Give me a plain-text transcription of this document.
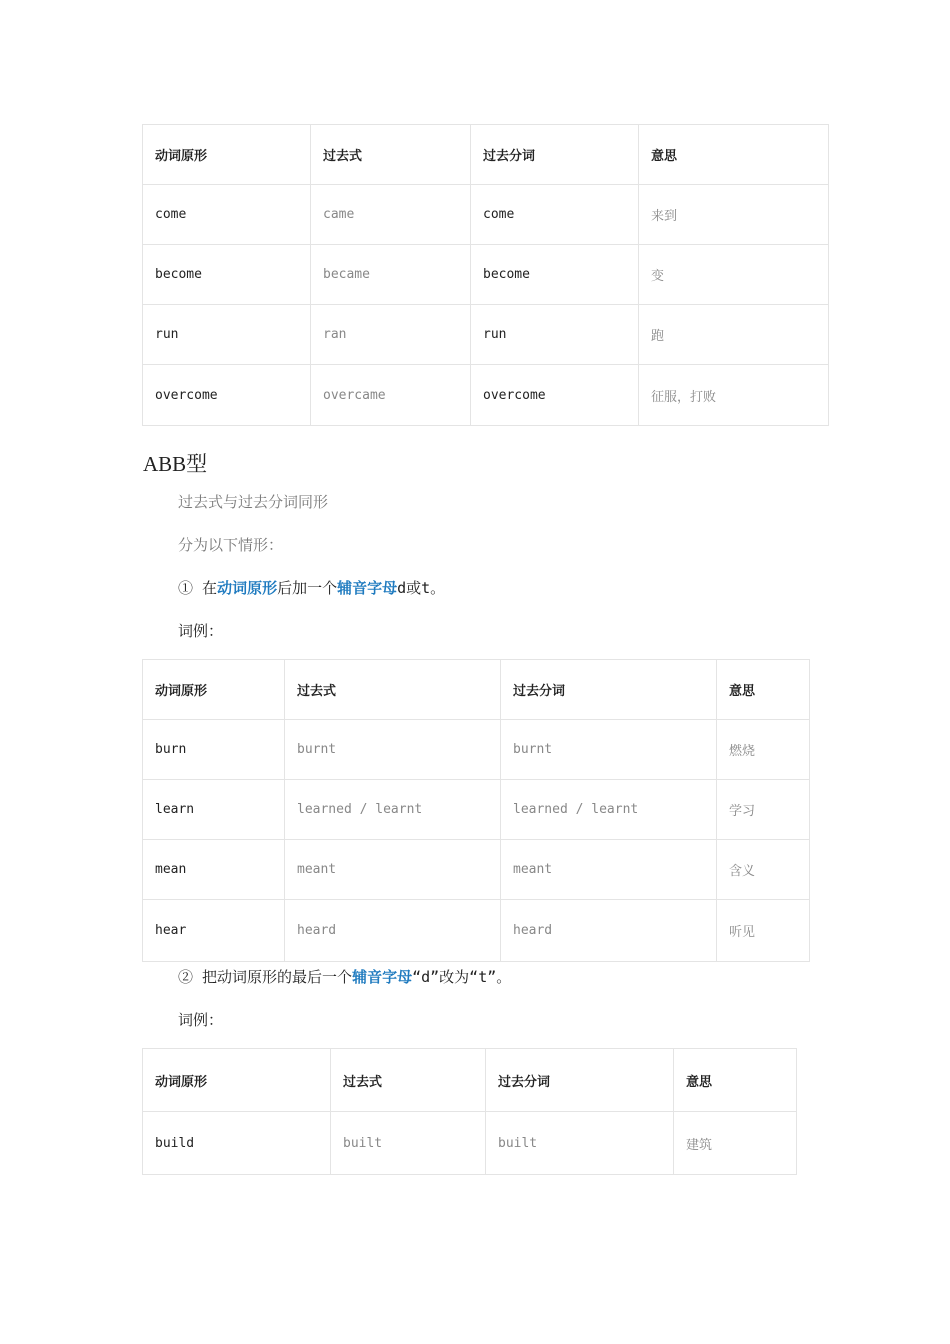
动词原形	过去式	过去分词	意思
come	came	come	来到
become	became	become	变
run	ran	run	跑
overcome	overcame	overcome	征服，打败
ABB型
过去式与过去分词同形
分为以下情形：
① 在动词原形后加一个辅音字母d或t。
词例：
动词原形	过去式	过去分词	意思
burn	burnt	burnt	燃烧
learn	learned / learnt	learned / learnt	学习
mean	meant	meant	含义
hear	heard	heard	听见
② 把动词原形的最后一个辅音字母“d”改为“t”。
词例：
动词原形	过去式	过去分词	意思
build	built	built	建筑
